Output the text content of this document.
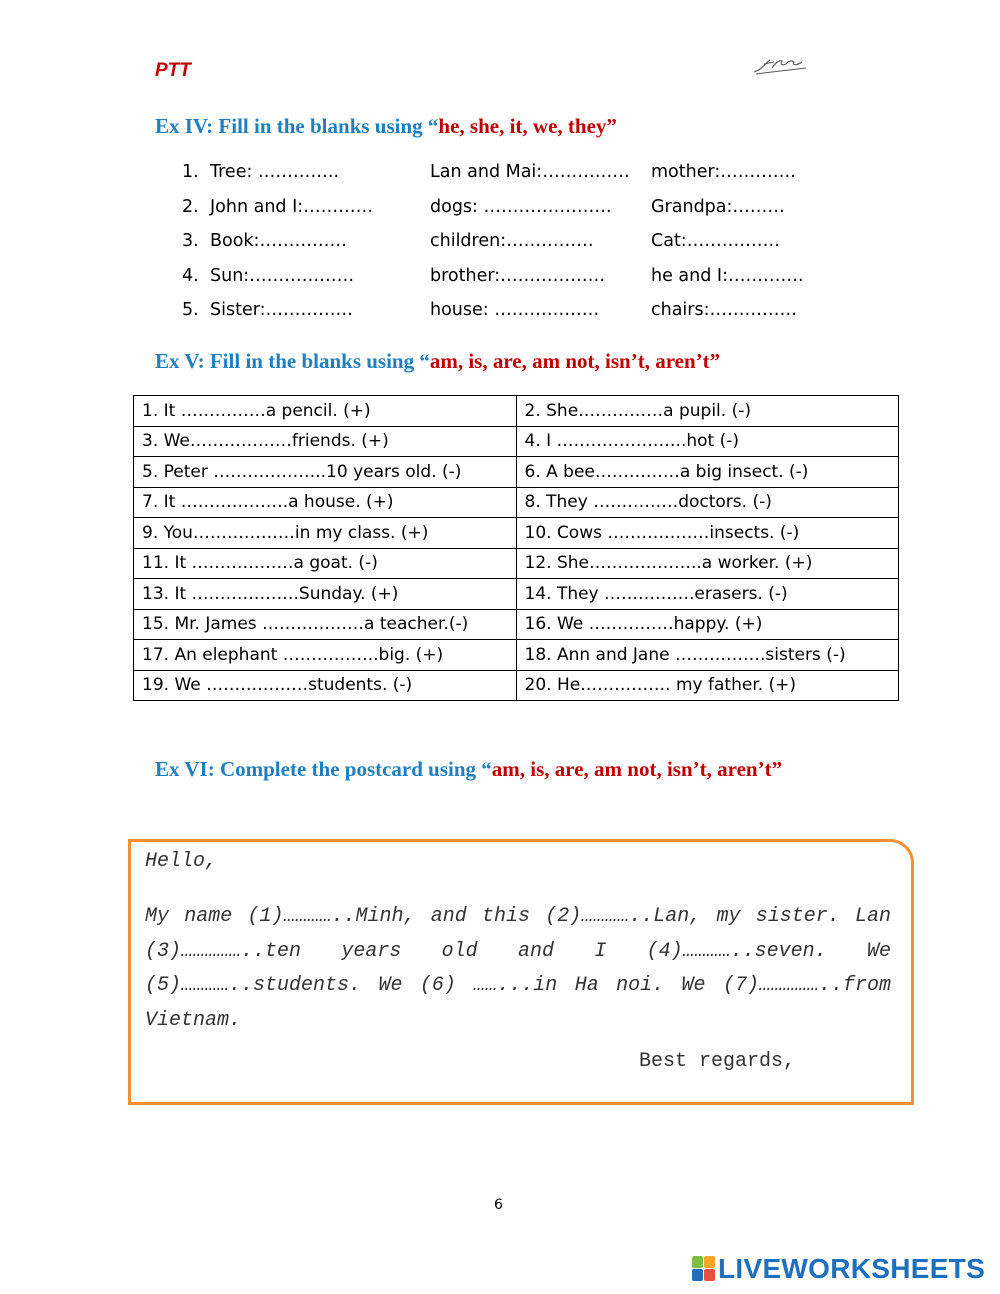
PTT
Ex IV: Fill in the blanks using “he, she, it, we, they”
1. Tree: …………..	Lan and Mai:…………… mother:………….
2. John and I:…………	dogs: …………………. Grandpa:………
3. Book:……………	children:……………	Cat:…………….
4. Sun:………………	brother:………………	he and I:………….
5. Sister:……………	house: ………………	chairs:……………
Ex V: Fill in the blanks using “am, is, are, am not, isn’t, aren’t”
1. It ……………a pencil. (+)	2. She……………a pupil. (-)
3. We………………friends. (+)	4. I …………………..hot (-)
5. Peter ………………..10 years old. (-)	6. A bee……………a big insect. (-)
7. It ……………….a house. (+)	8. They ……………doctors. (-)
9. You………………in my class. (+)	10. Cows ………………insects. (-)
11. It ………………a goat. (-)	12. She………………..a worker. (+)
13. It ……………….Sunday. (+)	14. They …………….erasers. (-)
15. Mr. James ………………a teacher.(-)	16. We ……………happy. (+)
17. An elephant ……………..big. (+)	18. Ann and Jane …………….sisters (-)
19. We ………………students. (-)	20. He……………. my father. (+)
Ex VI: Complete the postcard using “am, is, are, am not, isn’t, aren’t”
Hello,
My name (1)…………..Minh, and this (2)…………..Lan, my sister. Lan (3)……………..ten years old and I (4)…………..seven. We (5)…………..students. We (6) ……...in Ha noi. We (7)……………..from Vietnam.
Best regards,
6
LIVEWORKSHEETS
